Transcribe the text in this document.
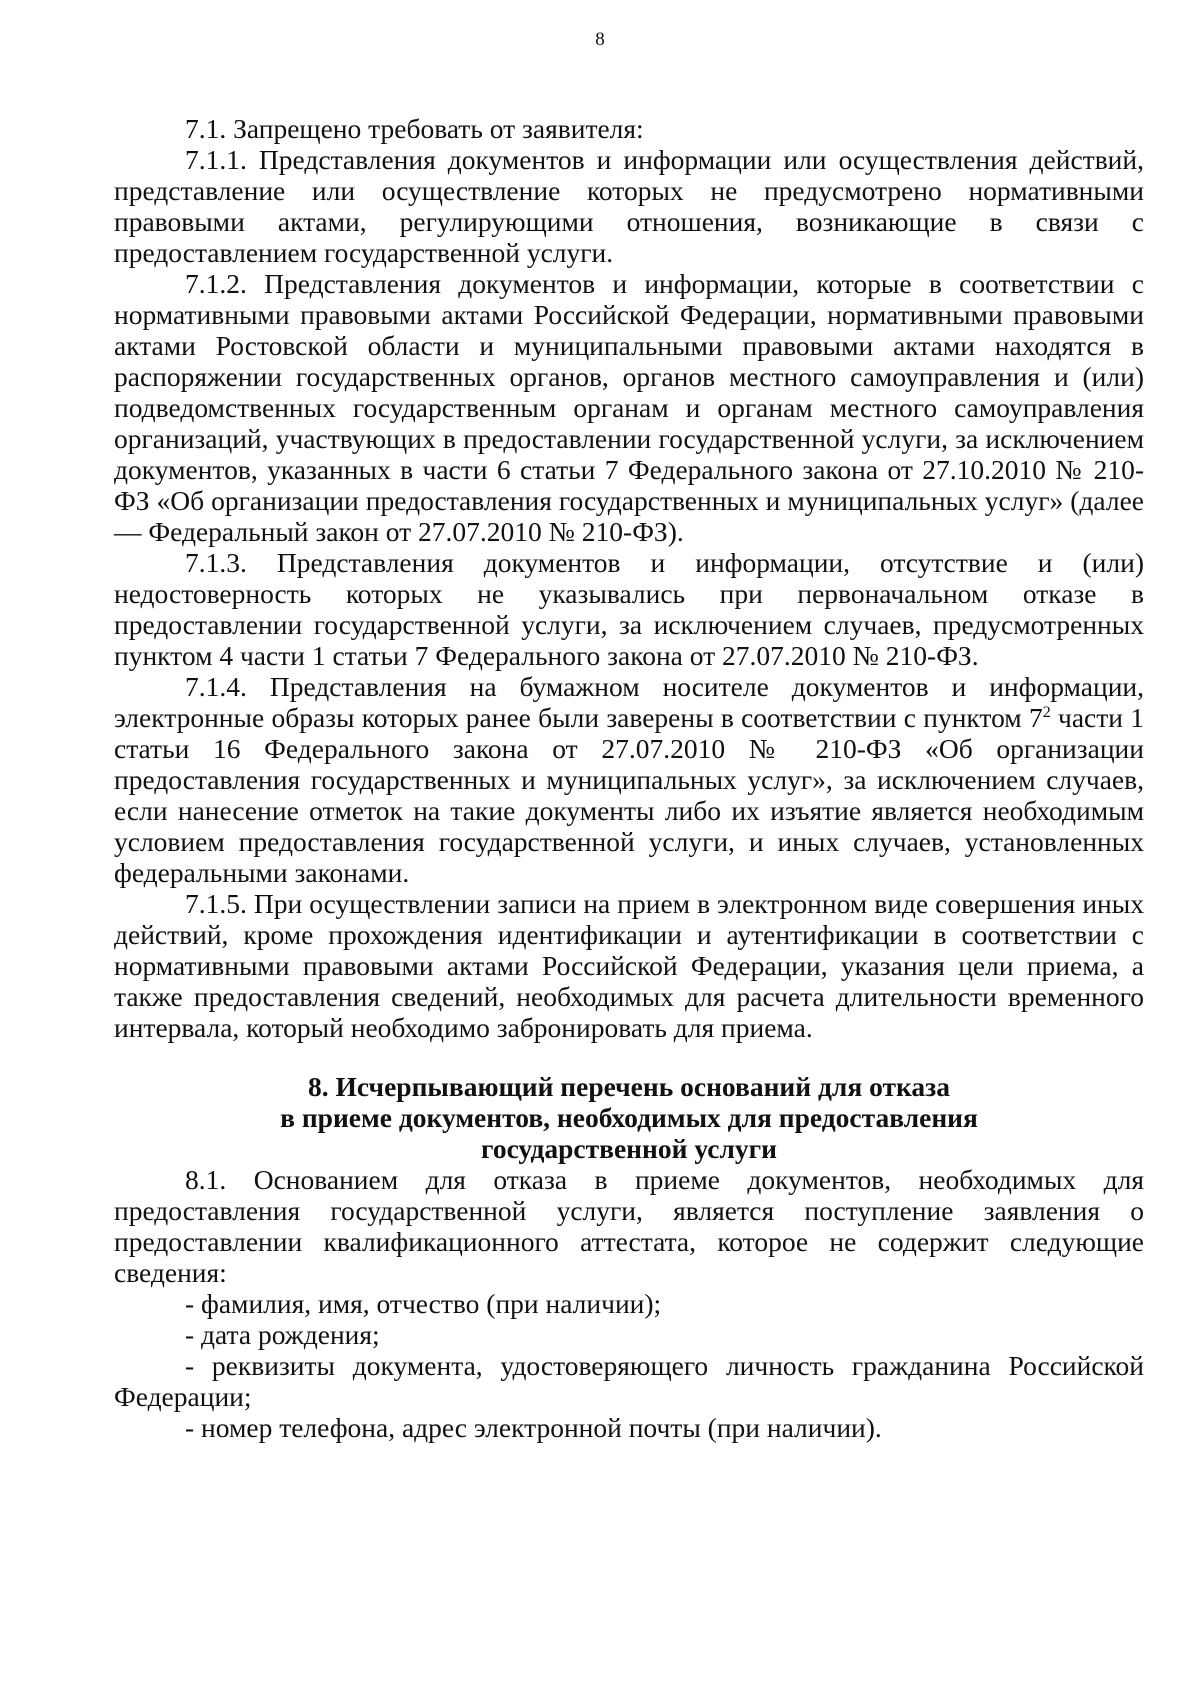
8

7.1. Запрещено требовать от заявителя:

7.1.1. Представления документов и информации или осуществления действий, представление или осуществление которых не предусмотрено нормативными правовыми актами, регулирующими отношения, возникающие в связи с предоставлением государственной услуги.

7.1.2. Представления документов и информации, которые в соответствии с нормативными правовыми актами Российской Федерации, нормативными правовыми актами Ростовской области и муниципальными правовыми актами находятся в распоряжении государственных органов, органов местного самоуправления и (или) подведомственных государственным органам и органам местного самоуправления организаций, участвующих в предоставлении государственной услуги, за исключением документов, указанных в части 6 статьи 7 Федерального закона от 27.10.2010 № 210-ФЗ «Об организации предоставления государственных и муниципальных услуг» (далее — Федеральный закон от 27.07.2010 № 210-ФЗ).

7.1.3. Представления документов и информации, отсутствие и (или) недостоверность которых не указывались при первоначальном отказе в предоставлении государственной услуги, за исключением случаев, предусмотренных пунктом 4 части 1 статьи 7 Федерального закона от 27.07.2010 № 210-ФЗ.

7.1.4. Представления на бумажном носителе документов и информации, электронные образы которых ранее были заверены в соответствии с пунктом $7^2$ части 1 статьи 16 Федерального закона от 27.07.2010 № 210-ФЗ «Об организации предоставления государственных и муниципальных услуг», за исключением случаев, если нанесение отметок на такие документы либо их изъятие является необходимым условием предоставления государственной услуги, и иных случаев, установленных федеральными законами.

7.1.5. При осуществлении записи на прием в электронном виде совершения иных действий, кроме прохождения идентификации и аутентификации в соответствии с нормативными правовыми актами Российской Федерации, указания цели приема, а также предоставления сведений, необходимых для расчета длительности временного интервала, который необходимо забронировать для приема.

8. Исчерпывающий перечень оснований для отказа
в приеме документов, необходимых для предоставления
государственной услуги

8.1. Основанием для отказа в приеме документов, необходимых для предоставления государственной услуги, является поступление заявления о предоставлении квалификационного аттестата, которое не содержит следующие сведения:

- фамилия, имя, отчество (при наличии);

- дата рождения;

- реквизиты документа, удостоверяющего личность гражданина Российской Федерации;

- номер телефона, адрес электронной почты (при наличии).
